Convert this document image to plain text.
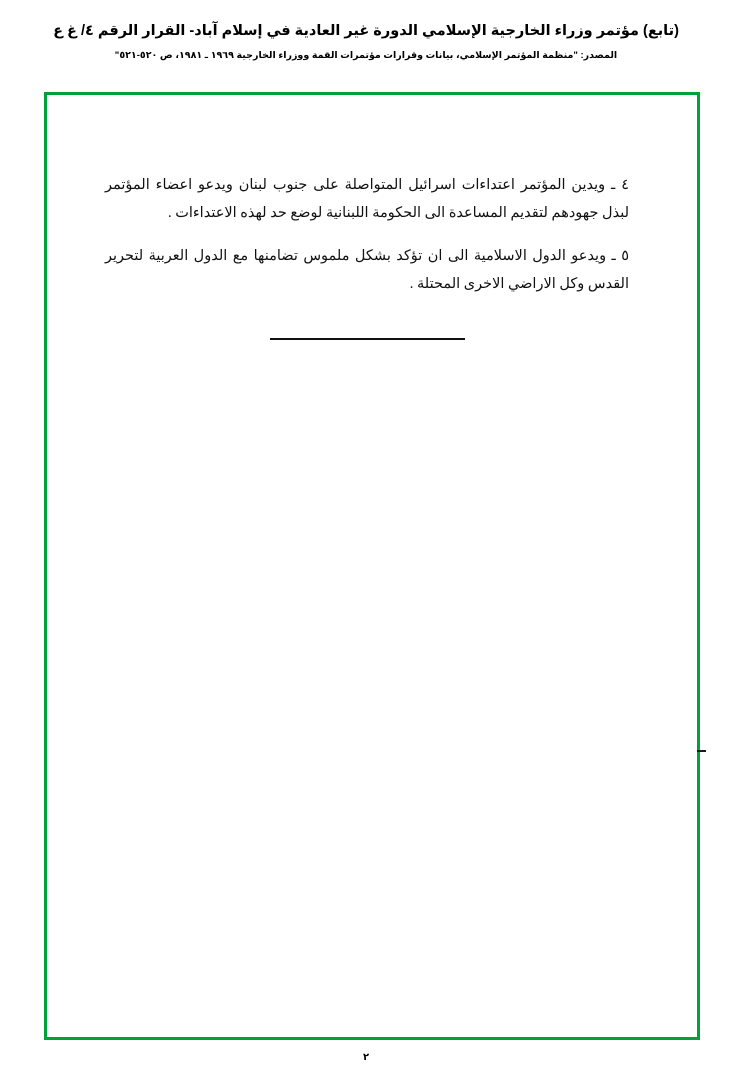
(تابع) مؤتمر وزراء الخارجية الإسلامي الدورة غير العادية في إسلام آباد- القرار الرقم ٤/ غ ع
المصدر: "منظمة المؤتمر الإسلامي، بيانات وقرارات مؤتمرات القمة ووزراء الخارجية ١٩٦٩ ـ ١٩٨١، ص ٥٢٠-٥٢١"

٤ ـ ويدين المؤتمر اعتداءات اسرائيل المتواصلة على جنوب لبنان ويدعو اعضاء المؤتمر لبذل جهودهم لتقديم المساعدة الى الحكومة اللبنانية لوضع حد لهذه الاعتداءات .

٥ ـ ويدعو الدول الاسلامية الى ان تؤكد بشكل ملموس تضامنها مع الدول العربية لتحرير القدس وكل الاراضي الاخرى المحتلة .

٢
